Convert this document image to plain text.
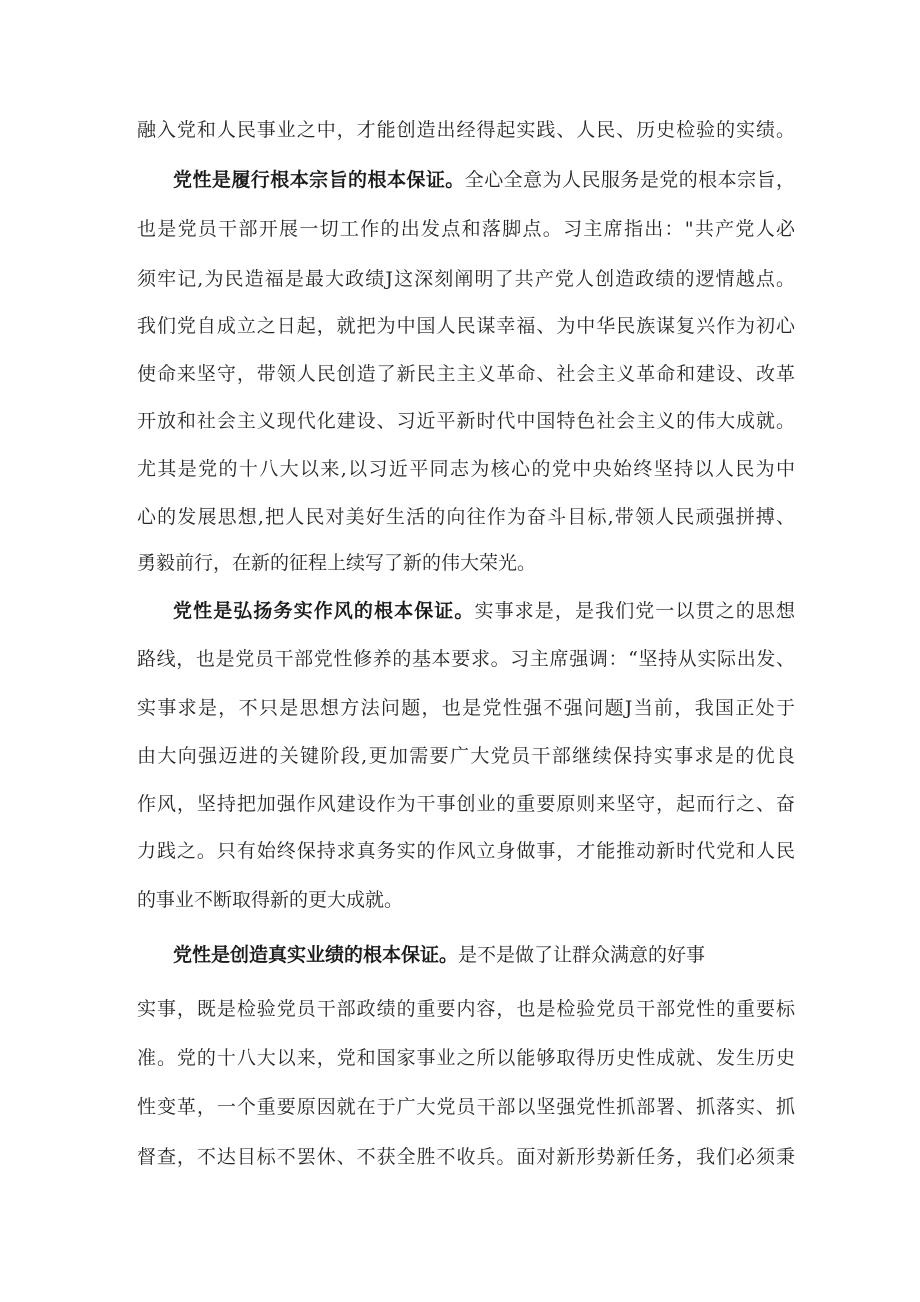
融入党和人民事业之中，才能创造出经得起实践、人民、历史检验的实绩。
党性是履行根本宗旨的根本保证。全心全意为人民服务是党的根本宗旨，
也是党员干部开展一切工作的出发点和落脚点。习主席指出："共产党人必
须牢记,为民造福是最大政绩J这深刻阐明了共产党人创造政绩的逻情越点。
我们党自成立之日起，就把为中国人民谋幸福、为中华民族谋复兴作为初心
使命来坚守，带领人民创造了新民主主义革命、社会主义革命和建设、改革
开放和社会主义现代化建设、习近平新时代中国特色社会主义的伟大成就。
尤其是党的十八大以来,以习近平同志为核心的党中央始终坚持以人民为中
心的发展思想,把人民对美好生活的向往作为奋斗目标,带领人民顽强拼搏、
勇毅前行，在新的征程上续写了新的伟大荣光。
党性是弘扬务实作风的根本保证。实事求是，是我们党一以贯之的思想
路线，也是党员干部党性修养的基本要求。习主席强调：“坚持从实际出发、
实事求是，不只是思想方法问题，也是党性强不强问题J当前，我国正处于
由大向强迈进的关键阶段,更加需要广大党员干部继续保持实事求是的优良
作风，坚持把加强作风建设作为干事创业的重要原则来坚守，起而行之、奋
力践之。只有始终保持求真务实的作风立身做事，才能推动新时代党和人民
的事业不断取得新的更大成就。
党性是创造真实业绩的根本保证。是不是做了让群众满意的好事
实事，既是检验党员干部政绩的重要内容，也是检验党员干部党性的重要标
准。党的十八大以来，党和国家事业之所以能够取得历史性成就、发生历史
性变革，一个重要原因就在于广大党员干部以坚强党性抓部署、抓落实、抓
督查，不达目标不罢休、不获全胜不收兵。面对新形势新任务，我们必须秉
